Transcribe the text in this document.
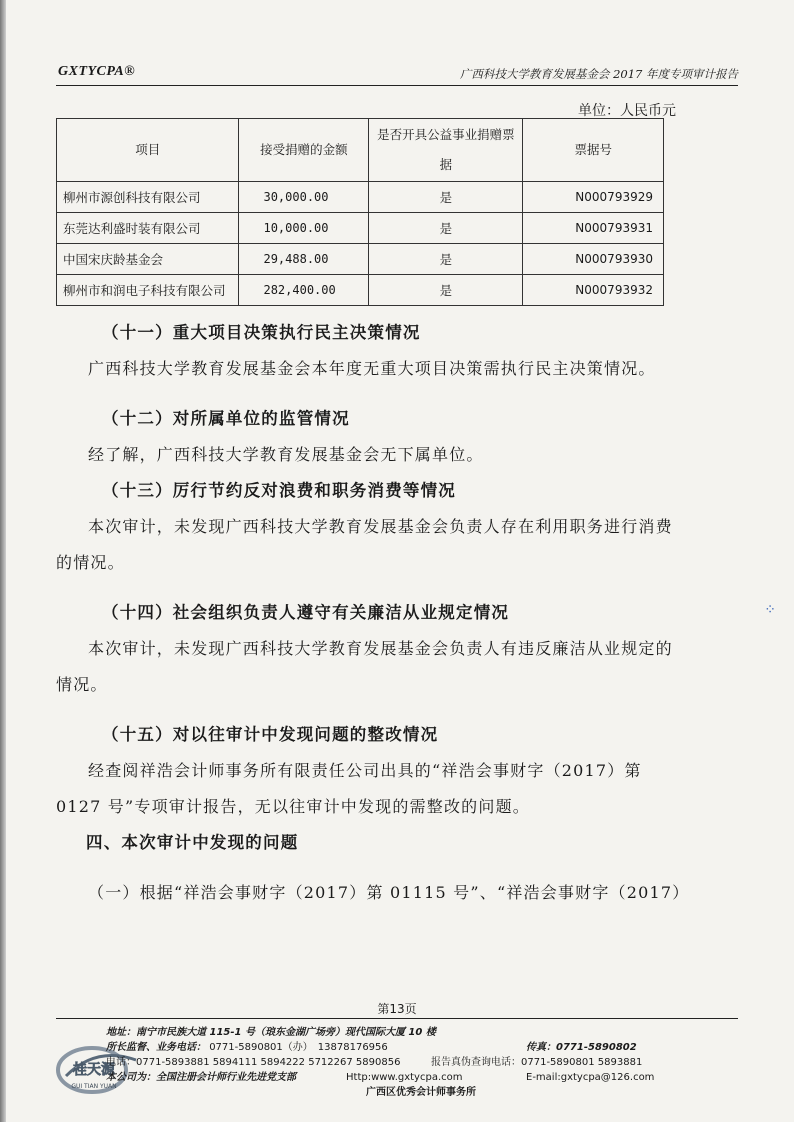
GXTYCPA®	广西科技大学教育发展基金会 2017 年度专项审计报告
单位：人民币元
项目	接受捐赠的金额	是否开具公益事业捐赠票据	票据号
柳州市源创科技有限公司	30,000.00	是	N000793929
东莞达利盛时装有限公司	10,000.00	是	N000793931
中国宋庆龄基金会	29,488.00	是	N000793930
柳州市和润电子科技有限公司	282,400.00	是	N000793932
（十一）重大项目决策执行民主决策情况

广西科技大学教育发展基金会本年度无重大项目决策需执行民主决策情况。

（十二）对所属单位的监管情况

经了解，广西科技大学教育发展基金会无下属单位。

（十三）厉行节约反对浪费和职务消费等情况

本次审计，未发现广西科技大学教育发展基金会负责人存在利用职务进行消费的情况。

（十四）社会组织负责人遵守有关廉洁从业规定情况

本次审计，未发现广西科技大学教育发展基金会负责人有违反廉洁从业规定的情况。

（十五）对以往审计中发现问题的整改情况

经查阅祥浩会计师事务所有限责任公司出具的“祥浩会事财字（2017）第 0127 号”专项审计报告，无以往审计中发现的需整改的问题。

四、本次审计中发现的问题

（一）根据“祥浩会事财字（2017）第 01115 号”、“祥浩会事财字（2017）

第13页
桂天源
GUI TIAN YUAN
地址：南宁市民族大道 115-1 号（琅东金湖广场旁）现代国际大厦 10 楼
所长监督、业务电话： 0771-5890801（办）　13878176956	传真：0771-5890802
电话：0771-5893881 5894111 5894222 5712267 5890856	报告真伪查询电话：0771-5890801 5893881
本公司为：全国注册会计师行业先进党支部	Http:www.gxtycpa.com	E-mail:gxtycpa@126.com
广西区优秀会计师事务所
⁘
